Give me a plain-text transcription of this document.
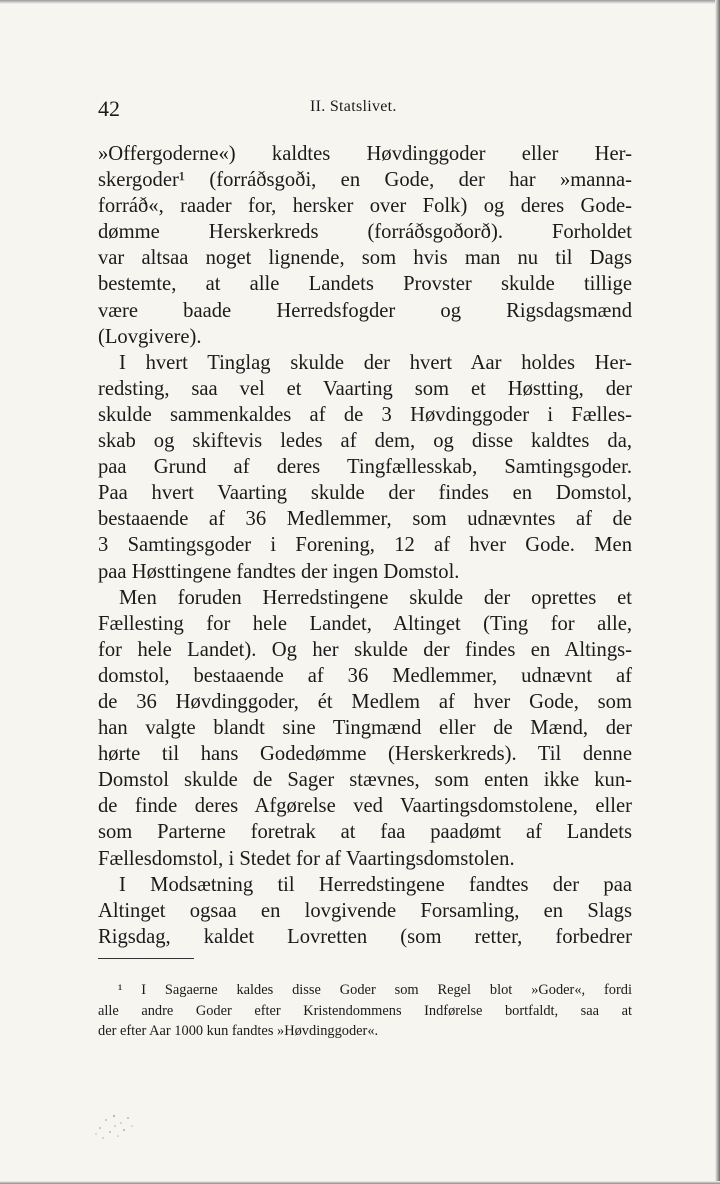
42	II. Statslivet.
»Offergoderne«) kaldtes Høvdinggoder eller Her-
skergoder¹ (forráðsgoði, en Gode, der har »manna-
forráð«, raader for, hersker over Folk) og deres Gode-
dømme Herskerkreds (forráðsgoðorð). Forholdet
var altsaa noget lignende, som hvis man nu til Dags
bestemte, at alle Landets Provster skulde tillige
være baade Herredsfogder og Rigsdagsmænd
(Lovgivere).
I hvert Tinglag skulde der hvert Aar holdes Her-
redsting, saa vel et Vaarting som et Høstting, der
skulde sammenkaldes af de 3 Høvdinggoder i Fælles-
skab og skiftevis ledes af dem, og disse kaldtes da,
paa Grund af deres Tingfællesskab, Samtingsgoder.
Paa hvert Vaarting skulde der findes en Domstol,
bestaaende af 36 Medlemmer, som udnævntes af de
3 Samtingsgoder i Forening, 12 af hver Gode. Men
paa Høsttingene fandtes der ingen Domstol.
Men foruden Herredstingene skulde der oprettes et
Fællesting for hele Landet, Altinget (Ting for alle,
for hele Landet). Og her skulde der findes en Altings-
domstol, bestaaende af 36 Medlemmer, udnævnt af
de 36 Høvdinggoder, ét Medlem af hver Gode, som
han valgte blandt sine Tingmænd eller de Mænd, der
hørte til hans Godedømme (Herskerkreds). Til denne
Domstol skulde de Sager stævnes, som enten ikke kun-
de finde deres Afgørelse ved Vaartingsdomstolene, eller
som Parterne foretrak at faa paadømt af Landets
Fællesdomstol, i Stedet for af Vaartingsdomstolen.
I Modsætning til Herredstingene fandtes der paa
Altinget ogsaa en lovgivende Forsamling, en Slags
Rigsdag, kaldet Lovretten (som retter, forbedrer
¹ I Sagaerne kaldes disse Goder som Regel blot »Goder«, fordi
alle andre Goder efter Kristendommens Indførelse bortfaldt, saa at
der efter Aar 1000 kun fandtes »Høvdinggoder«.
